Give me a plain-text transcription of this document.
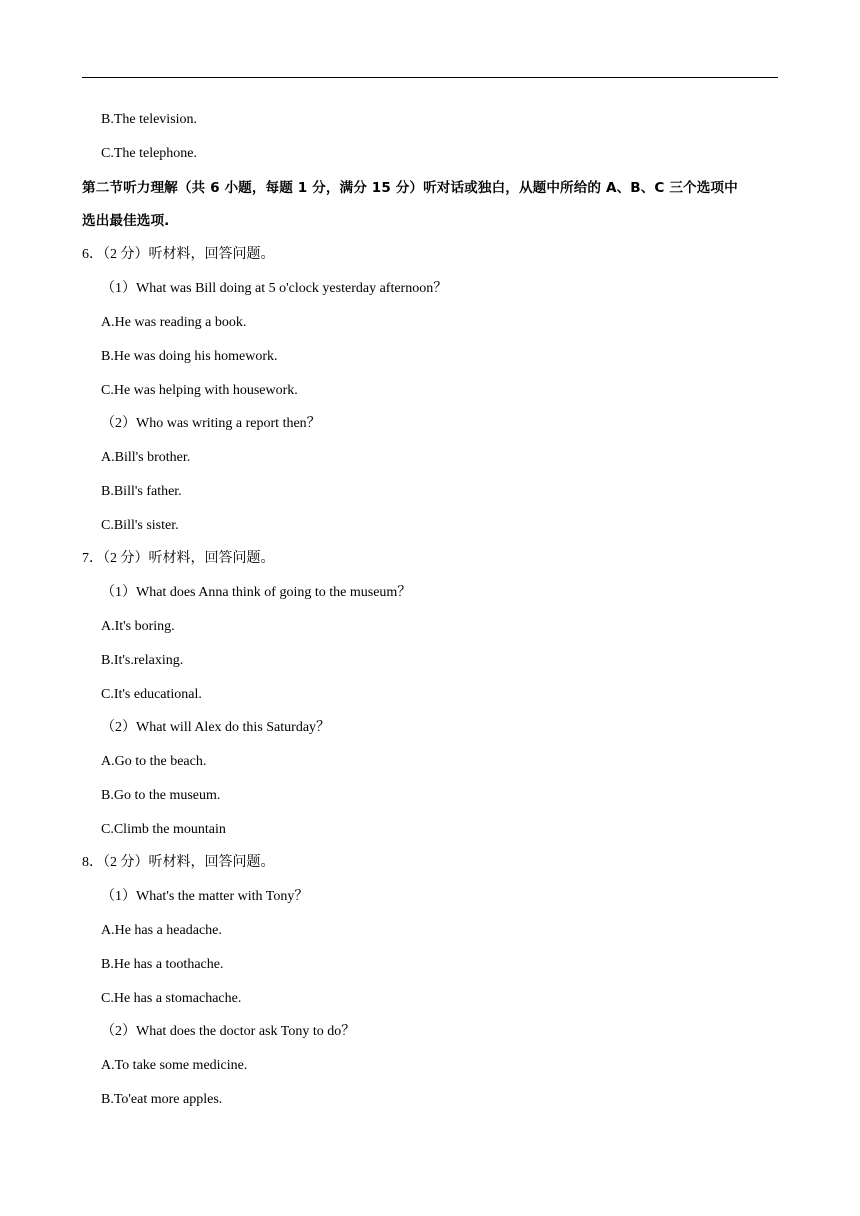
B.The television.
C.The telephone.
第二节听力理解（共 6 小题，每题 1 分，满分 15 分）听对话或独白，从题中所给的 A、B、C 三个选项中
选出最佳选项.
6．（2 分）听材料，回答问题。
（1）What was Bill doing at 5 o'clock yesterday afternoon？
A.He was reading a book.
B.He was doing his homework.
C.He was helping with housework.
（2）Who was writing a report then？
A.Bill's brother.
B.Bill's father.
C.Bill's sister.
7．（2 分）听材料，回答问题。
（1）What does Anna think of going to the museum？
A.It's boring.
B.It's.relaxing.
C.It's educational.
（2）What will Alex do this Saturday？
A.Go to the beach.
B.Go to the museum.
C.Climb the mountain
8．（2 分）听材料，回答问题。
（1）What's the matter with Tony？
A.He has a headache.
B.He has a toothache.
C.He has a stomachache.
（2）What does the doctor ask Tony to do？
A.To take some medicine.
B.To'eat more apples.
